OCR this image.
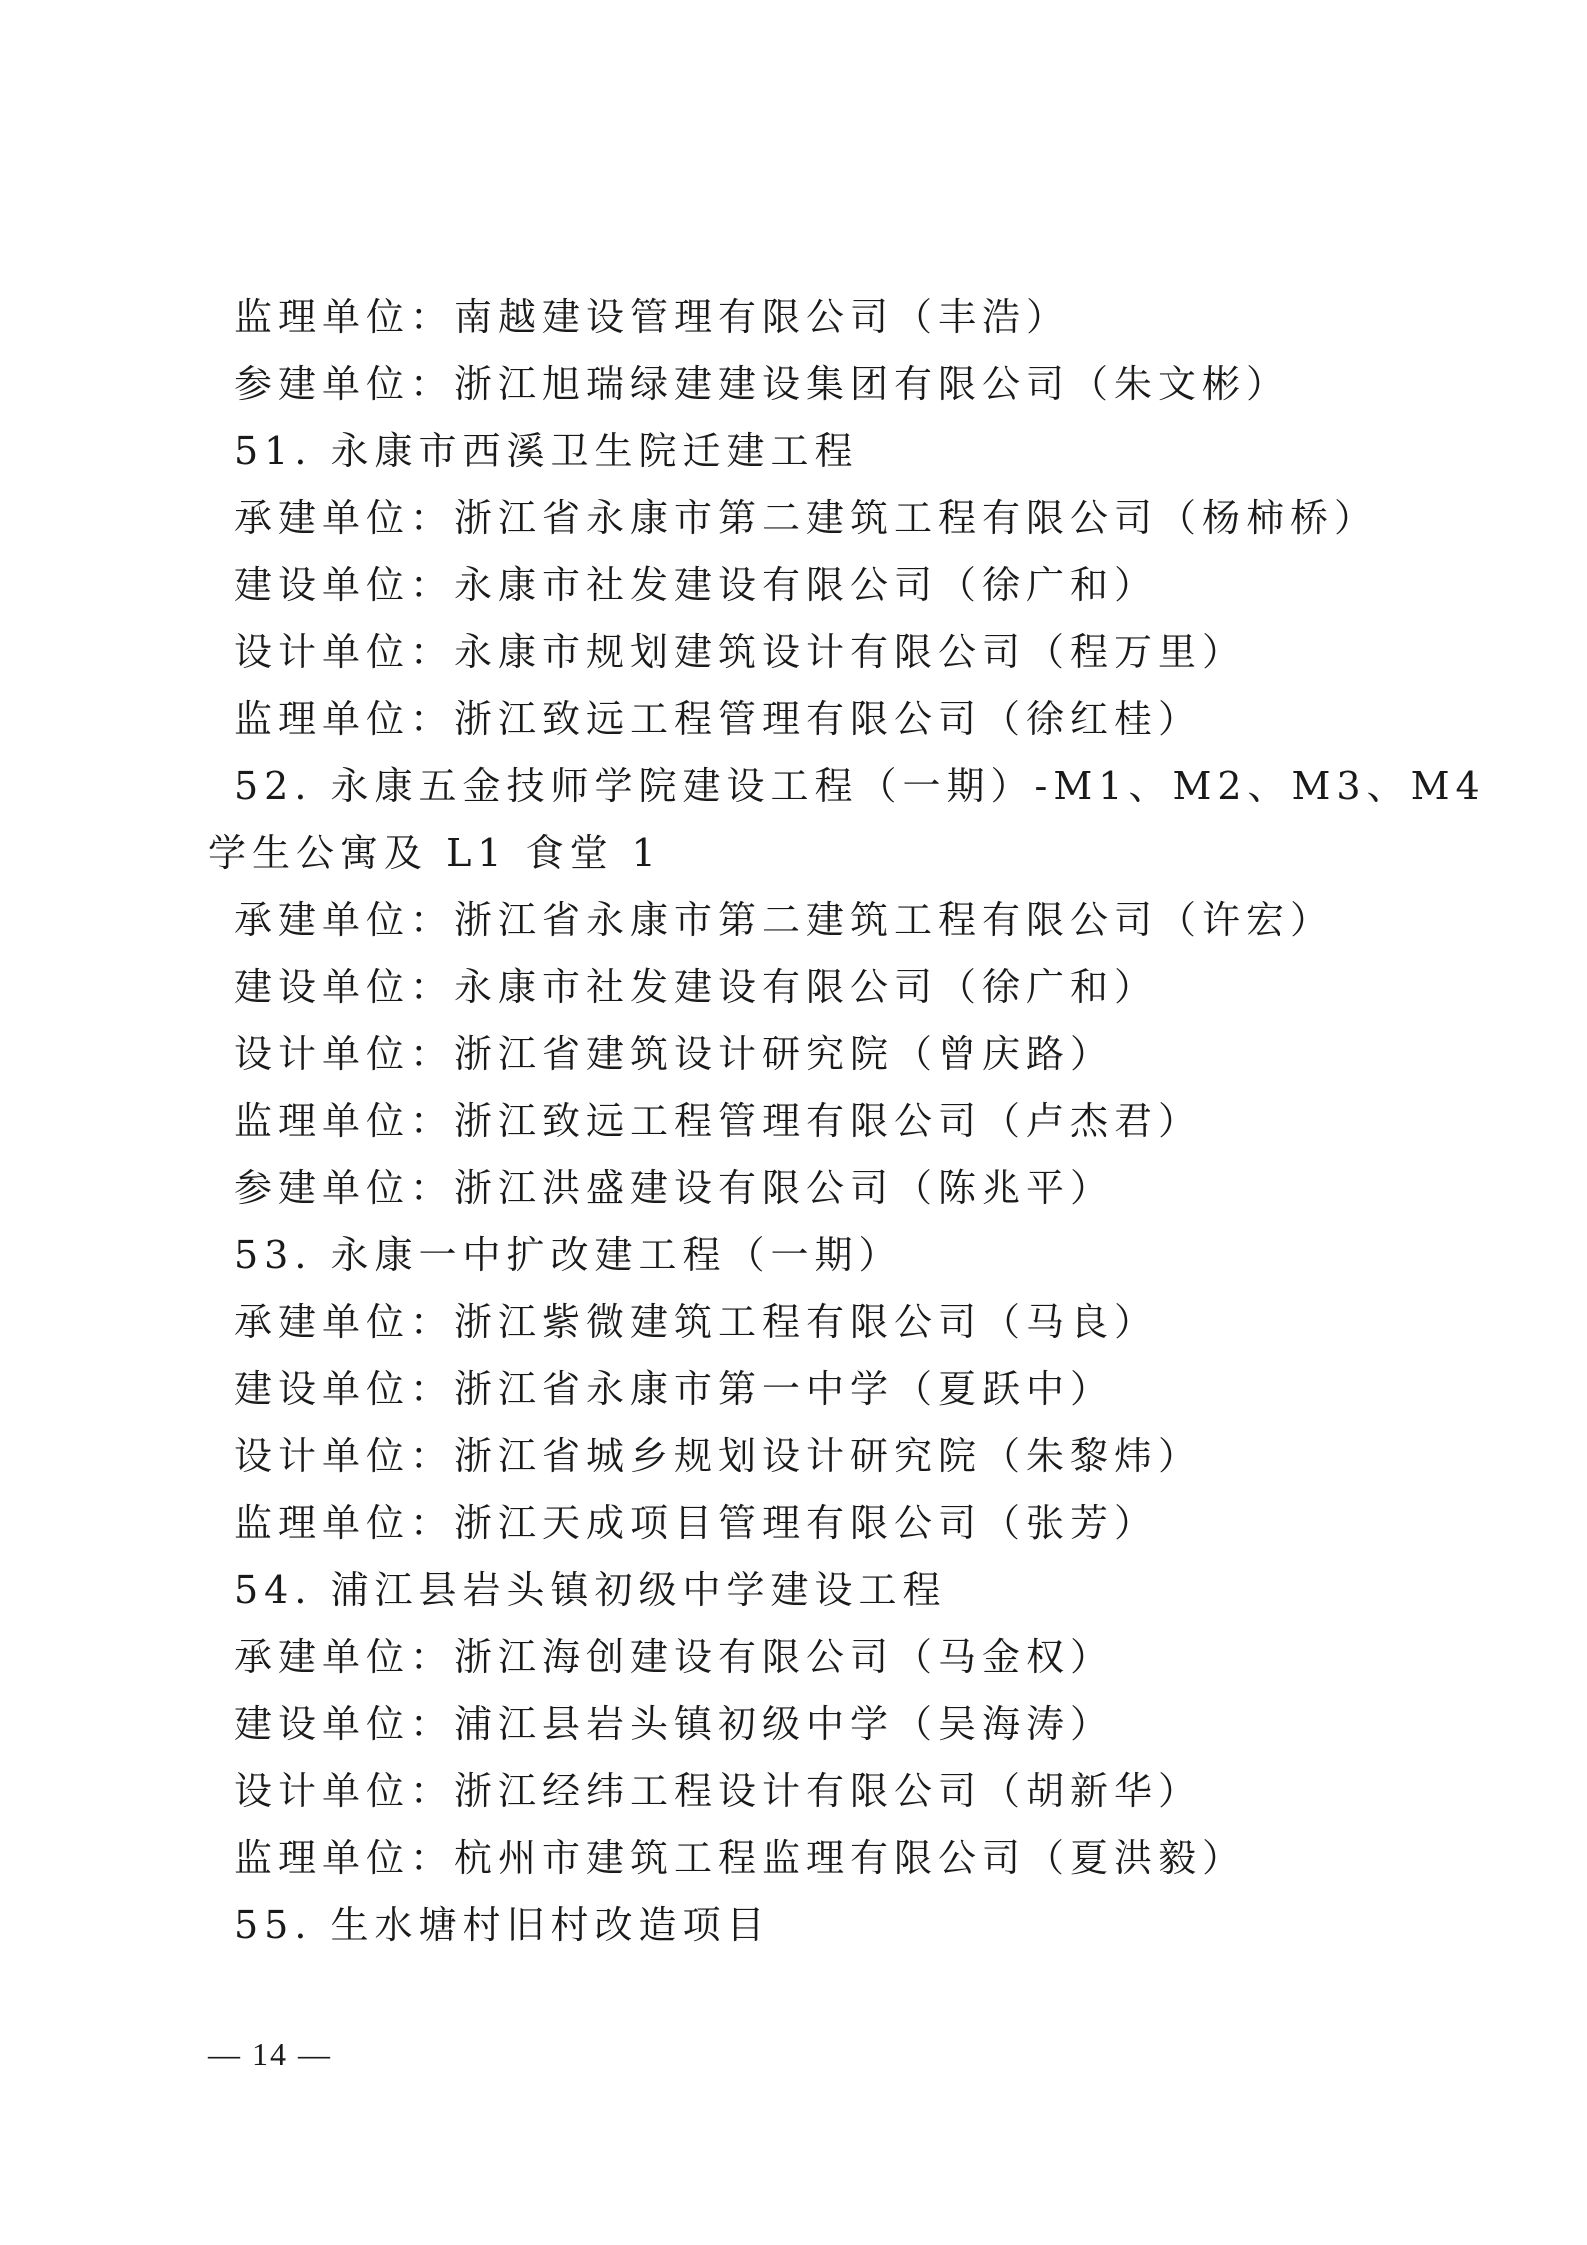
监理单位：南越建设管理有限公司（丰浩）
参建单位：浙江旭瑞绿建建设集团有限公司（朱文彬）
51. 永康市西溪卫生院迁建工程
承建单位：浙江省永康市第二建筑工程有限公司（杨柿桥）
建设单位：永康市社发建设有限公司（徐广和）
设计单位：永康市规划建筑设计有限公司（程万里）
监理单位：浙江致远工程管理有限公司（徐红桂）
52. 永康五金技师学院建设工程（一期）-M1、M2、M3、M4
学生公寓及 L1 食堂 1
承建单位：浙江省永康市第二建筑工程有限公司（许宏）
建设单位：永康市社发建设有限公司（徐广和）
设计单位：浙江省建筑设计研究院（曾庆路）
监理单位：浙江致远工程管理有限公司（卢杰君）
参建单位：浙江洪盛建设有限公司（陈兆平）
53. 永康一中扩改建工程（一期）
承建单位：浙江紫微建筑工程有限公司（马良）
建设单位：浙江省永康市第一中学（夏跃中）
设计单位：浙江省城乡规划设计研究院（朱黎炜）
监理单位：浙江天成项目管理有限公司（张芳）
54. 浦江县岩头镇初级中学建设工程
承建单位：浙江海创建设有限公司（马金权）
建设单位：浦江县岩头镇初级中学（吴海涛）
设计单位：浙江经纬工程设计有限公司（胡新华）
监理单位：杭州市建筑工程监理有限公司（夏洪毅）
55. 生水塘村旧村改造项目
— 14 —
